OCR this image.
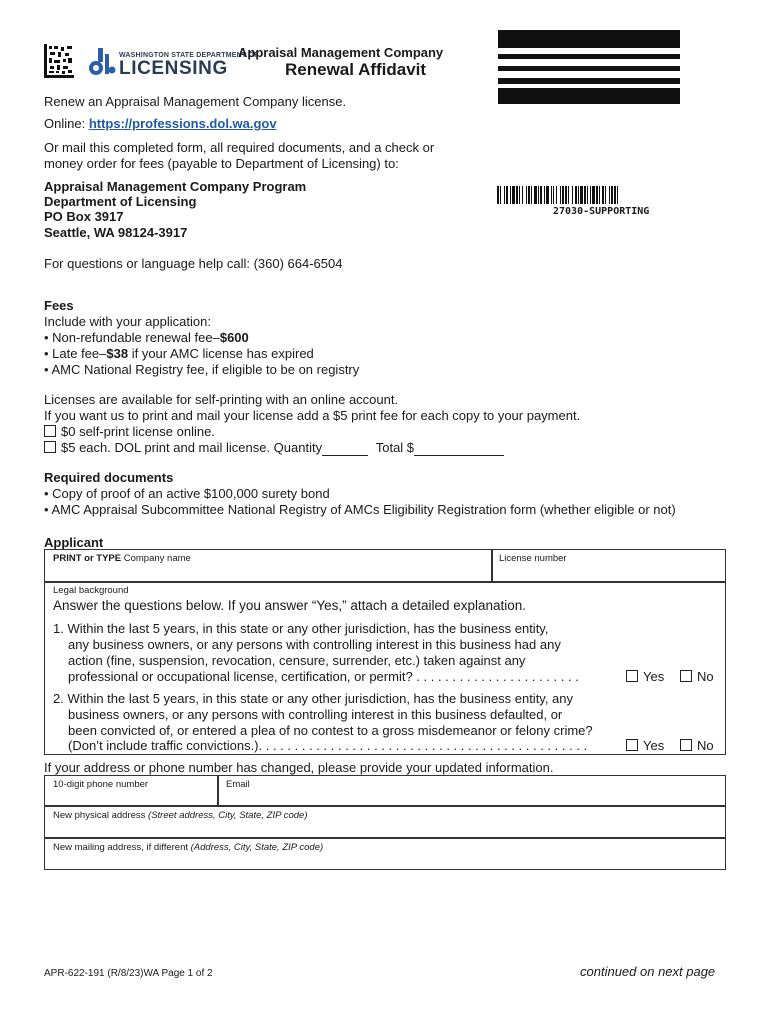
WASHINGTON STATE DEPARTMENT OF
LICENSING
Appraisal Management Company
Renewal Affidavit
27030-SUPPORTING
Renew an Appraisal Management Company license.
Online: https://professions.dol.wa.gov
Or mail this completed form, all required documents, and a check or
money order for fees (payable to Department of Licensing) to:
Appraisal Management Company Program
Department of Licensing
PO Box 3917
Seattle, WA 98124-3917
For questions or language help call: (360) 664-6504
Fees
Include with your application:
• Non-refundable renewal fee–$600
• Late fee–$38 if your AMC license has expired
• AMC National Registry fee, if eligible to be on registry
Licenses are available for self-printing with an online account.
If you want us to print and mail your license add a $5 print fee for each copy to your payment.
$0 self-print license online.
$5 each. DOL print and mail license. Quantity	Total $
Required documents
• Copy of proof of an active $100,000 surety bond
• AMC Appraisal Subcommittee National Registry of AMCs Eligibility Registration form (whether eligible or not)
Applicant
PRINT or TYPE Company name	License number
Legal background
Answer the questions below. If you answer “Yes,” attach a detailed explanation.
1. Within the last 5 years, in this state or any other jurisdiction, has the business entity,
any business owners, or any persons with controlling interest in this business had any
action (fine, suspension, revocation, censure, surrender, etc.) taken against any
professional or occupational license, certification, or permit? . . . . . . . . . . . . . . . . . . . . . . .	Yes	No
2. Within the last 5 years, in this state or any other jurisdiction, has the business entity, any
business owners, or any persons with controlling interest in this business defaulted, or
been convicted of, or entered a plea of no contest to a gross misdemeanor or felony crime?
(Don’t include traffic convictions.). . . . . . . . . . . . . . . . . . . . . . . . . . . . . . . . . . . . . . . . . . . . . .	Yes	No
If your address or phone number has changed, please provide your updated information.
10-digit phone number	Email
New physical address (Street address, City, State, ZIP code)
New mailing address, if different (Address, City, State, ZIP code)
APR-622-191 (R/8/23)WA Page 1 of 2	continued on next page
